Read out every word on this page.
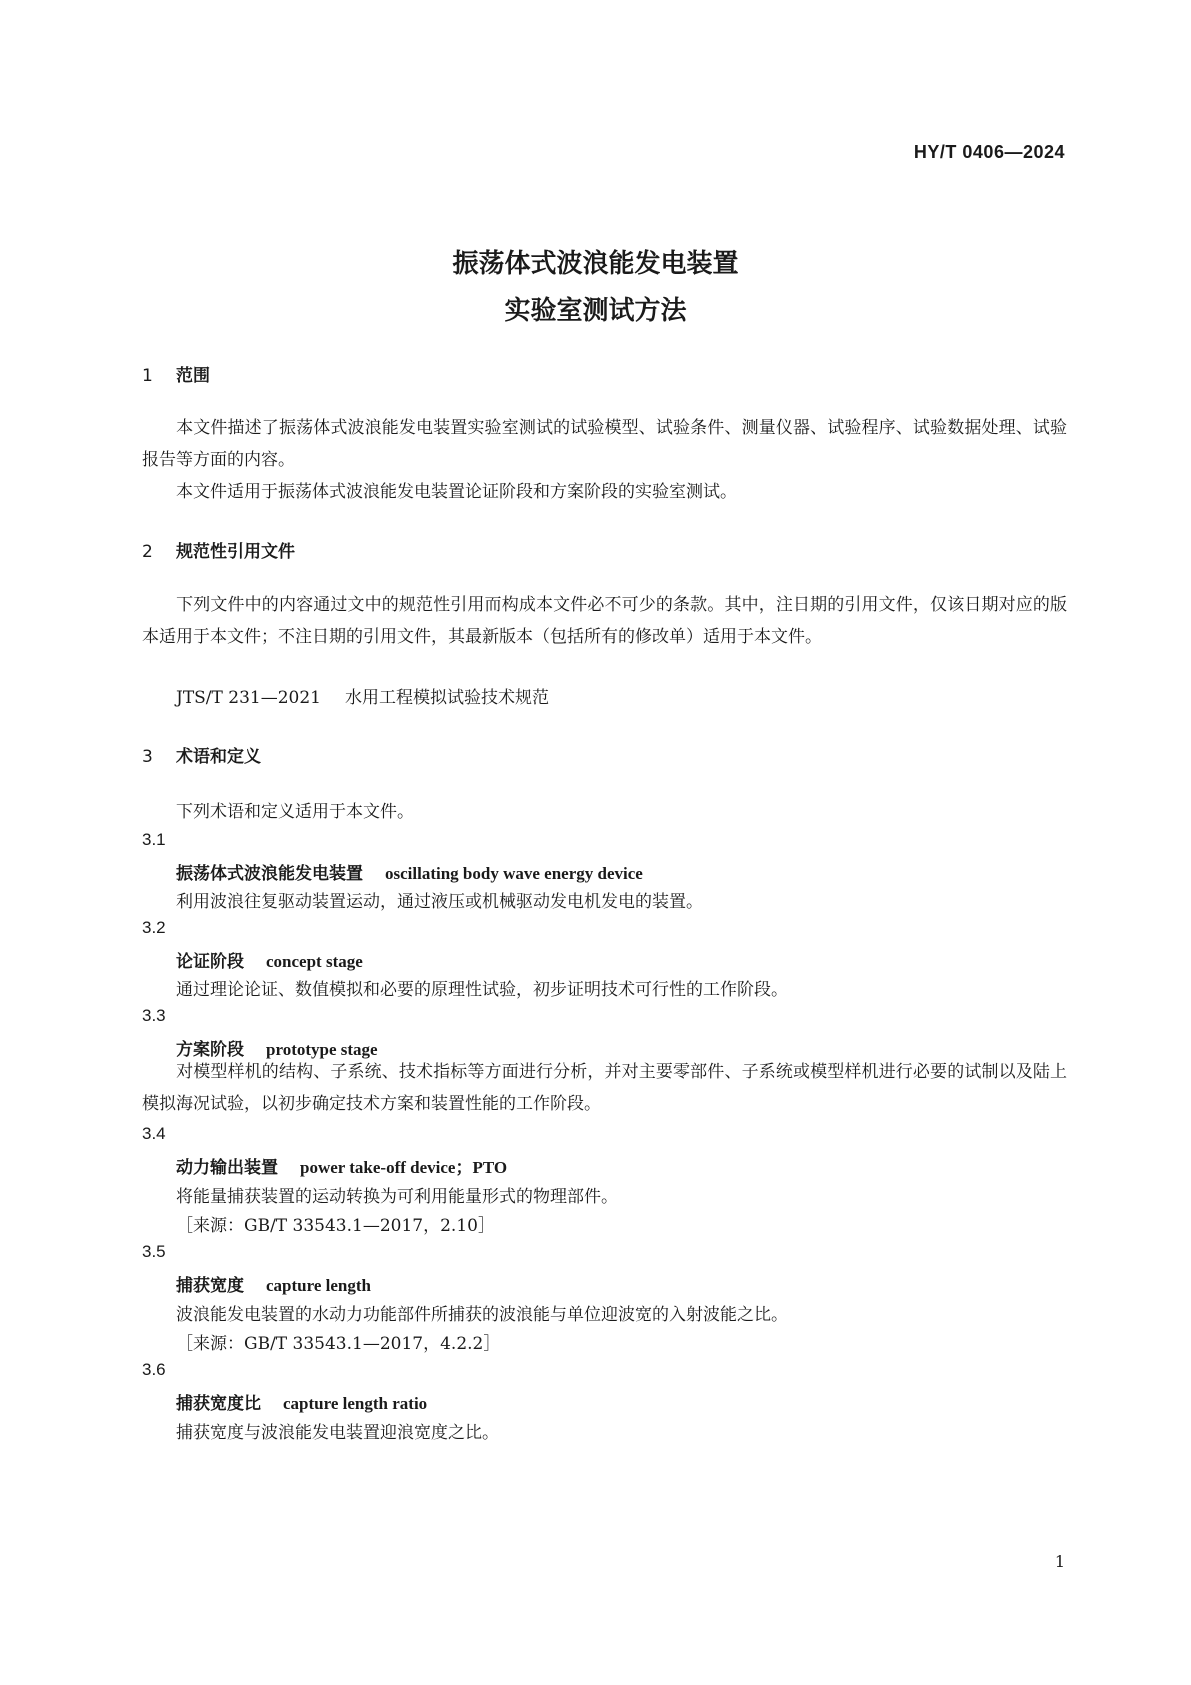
HY/T 0406—2024
振荡体式波浪能发电装置
实验室测试方法
1 范围
本文件描述了振荡体式波浪能发电装置实验室测试的试验模型、试验条件、测量仪器、试验程序、试验数据处理、试验报告等方面的内容。
本文件适用于振荡体式波浪能发电装置论证阶段和方案阶段的实验室测试。
2 规范性引用文件
下列文件中的内容通过文中的规范性引用而构成本文件必不可少的条款。其中，注日期的引用文件，仅该日期对应的版本适用于本文件；不注日期的引用文件，其最新版本（包括所有的修改单）适用于本文件。
JTS/T 231—2021 水用工程模拟试验技术规范
3 术语和定义
下列术语和定义适用于本文件。
3.1
振荡体式波浪能发电装置 oscillating body wave energy device
利用波浪往复驱动装置运动，通过液压或机械驱动发电机发电的装置。
3.2
论证阶段 concept stage
通过理论论证、数值模拟和必要的原理性试验，初步证明技术可行性的工作阶段。
3.3
方案阶段 prototype stage
对模型样机的结构、子系统、技术指标等方面进行分析，并对主要零部件、子系统或模型样机进行必要的试制以及陆上模拟海况试验，以初步确定技术方案和装置性能的工作阶段。
3.4
动力输出装置 power take-off device；PTO
将能量捕获装置的运动转换为可利用能量形式的物理部件。
［来源：GB/T 33543.1—2017，2.10］
3.5
捕获宽度 capture length
波浪能发电装置的水动力功能部件所捕获的波浪能与单位迎波宽的入射波能之比。
［来源：GB/T 33543.1—2017，4.2.2］
3.6
捕获宽度比 capture length ratio
捕获宽度与波浪能发电装置迎浪宽度之比。
1
